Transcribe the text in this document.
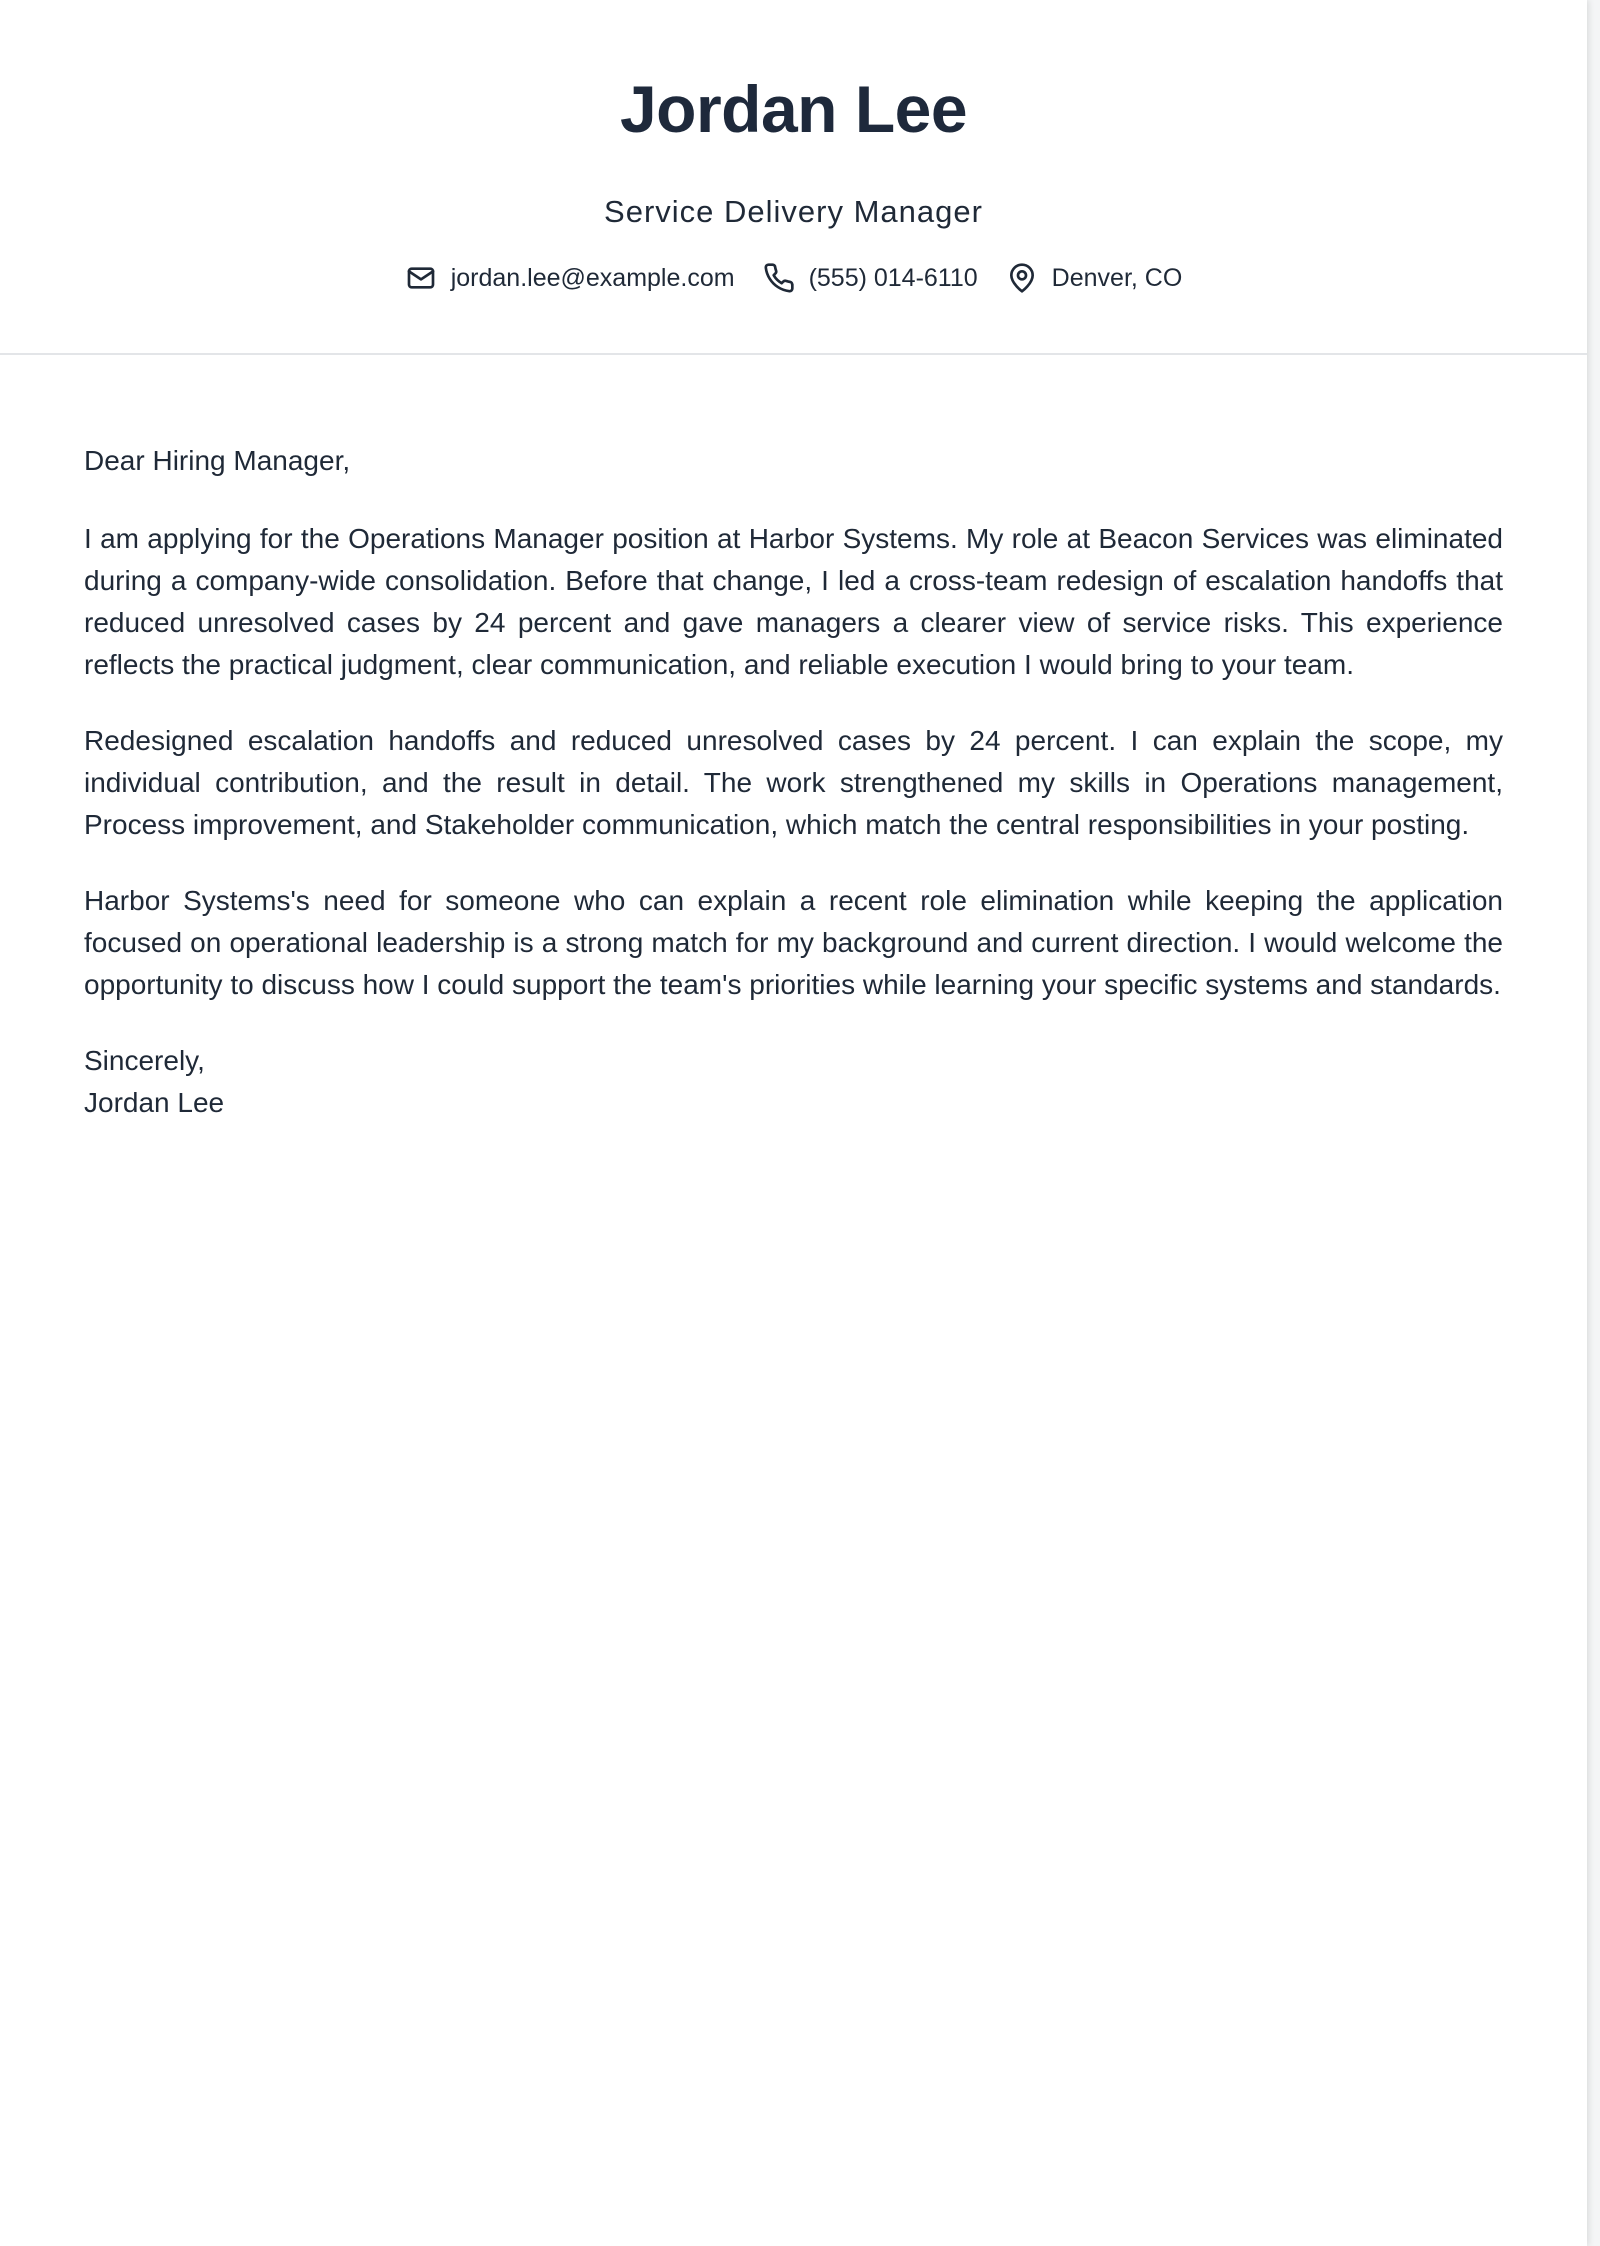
Jordan Lee
Service Delivery Manager
jordan.lee@example.com	(555) 014-6110	Denver, CO

Dear Hiring Manager,

I am applying for the Operations Manager position at Harbor Systems. My role at Beacon Services was eliminated during a company-wide consolidation. Before that change, I led a cross-team redesign of escalation handoffs that reduced unresolved cases by 24 percent and gave managers a clearer view of service risks. This experience reflects the practical judgment, clear communication, and reliable execution I would bring to your team.

Redesigned escalation handoffs and reduced unresolved cases by 24 percent. I can explain the scope, my individual contribution, and the result in detail. The work strengthened my skills in Operations management, Process improvement, and Stakeholder communication, which match the central responsibilities in your posting.

Harbor Systems's need for someone who can explain a recent role elimination while keeping the application focused on operational leadership is a strong match for my background and current direction. I would welcome the opportunity to discuss how I could support the team's priorities while learning your specific systems and standards.

Sincerely,

Jordan Lee
